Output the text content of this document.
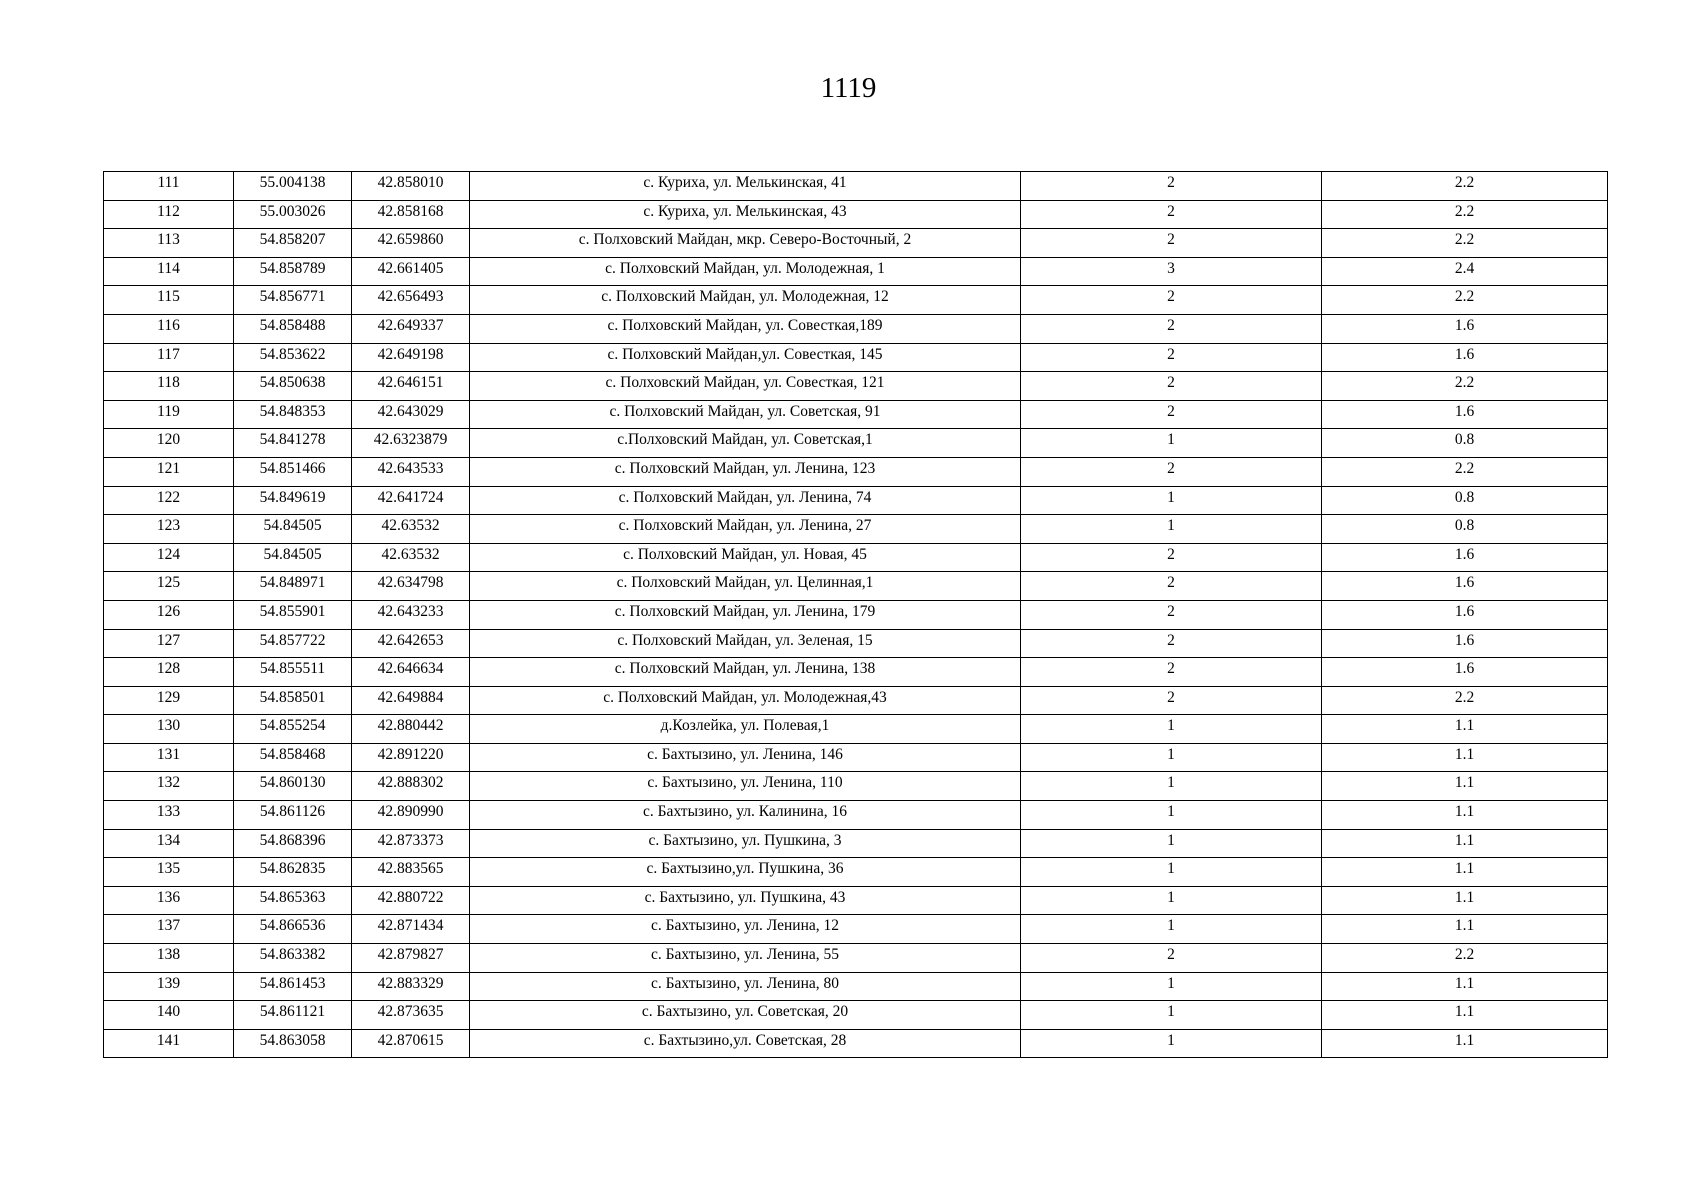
1119
111	55.004138	42.858010	с. Куриха, ул. Мелькинская, 41	2	2.2
112	55.003026	42.858168	с. Куриха, ул. Мелькинская, 43	2	2.2
113	54.858207	42.659860	с. Полховский Майдан, мкр. Северо-Восточный, 2	2	2.2
114	54.858789	42.661405	с. Полховский Майдан, ул. Молодежная, 1	3	2.4
115	54.856771	42.656493	с. Полховский Майдан, ул. Молодежная, 12	2	2.2
116	54.858488	42.649337	с. Полховский Майдан, ул. Совесткая,189	2	1.6
117	54.853622	42.649198	с. Полховский Майдан,ул. Совесткая, 145	2	1.6
118	54.850638	42.646151	с. Полховский Майдан, ул. Совесткая, 121	2	2.2
119	54.848353	42.643029	с. Полховский Майдан, ул. Советская, 91	2	1.6
120	54.841278	42.6323879	с.Полховский Майдан, ул. Советская,1	1	0.8
121	54.851466	42.643533	с. Полховский Майдан, ул. Ленина, 123	2	2.2
122	54.849619	42.641724	с. Полховский Майдан, ул. Ленина, 74	1	0.8
123	54.84505	42.63532	с. Полховский Майдан, ул. Ленина, 27	1	0.8
124	54.84505	42.63532	с. Полховский Майдан, ул. Новая, 45	2	1.6
125	54.848971	42.634798	с. Полховский Майдан, ул. Целинная,1	2	1.6
126	54.855901	42.643233	с. Полховский Майдан, ул. Ленина, 179	2	1.6
127	54.857722	42.642653	с. Полховский Майдан, ул. Зеленая, 15	2	1.6
128	54.855511	42.646634	с. Полховский Майдан, ул. Ленина, 138	2	1.6
129	54.858501	42.649884	с. Полховский Майдан, ул. Молодежная,43	2	2.2
130	54.855254	42.880442	д.Козлейка, ул. Полевая,1	1	1.1
131	54.858468	42.891220	с. Бахтызино, ул. Ленина, 146	1	1.1
132	54.860130	42.888302	с. Бахтызино, ул. Ленина, 110	1	1.1
133	54.861126	42.890990	с. Бахтызино, ул. Калинина, 16	1	1.1
134	54.868396	42.873373	с. Бахтызино, ул. Пушкина, 3	1	1.1
135	54.862835	42.883565	с. Бахтызино,ул. Пушкина, 36	1	1.1
136	54.865363	42.880722	с. Бахтызино, ул. Пушкина, 43	1	1.1
137	54.866536	42.871434	с. Бахтызино, ул. Ленина, 12	1	1.1
138	54.863382	42.879827	с. Бахтызино, ул. Ленина, 55	2	2.2
139	54.861453	42.883329	с. Бахтызино, ул. Ленина, 80	1	1.1
140	54.861121	42.873635	с. Бахтызино, ул. Советская, 20	1	1.1
141	54.863058	42.870615	с. Бахтызино,ул. Советская, 28	1	1.1
